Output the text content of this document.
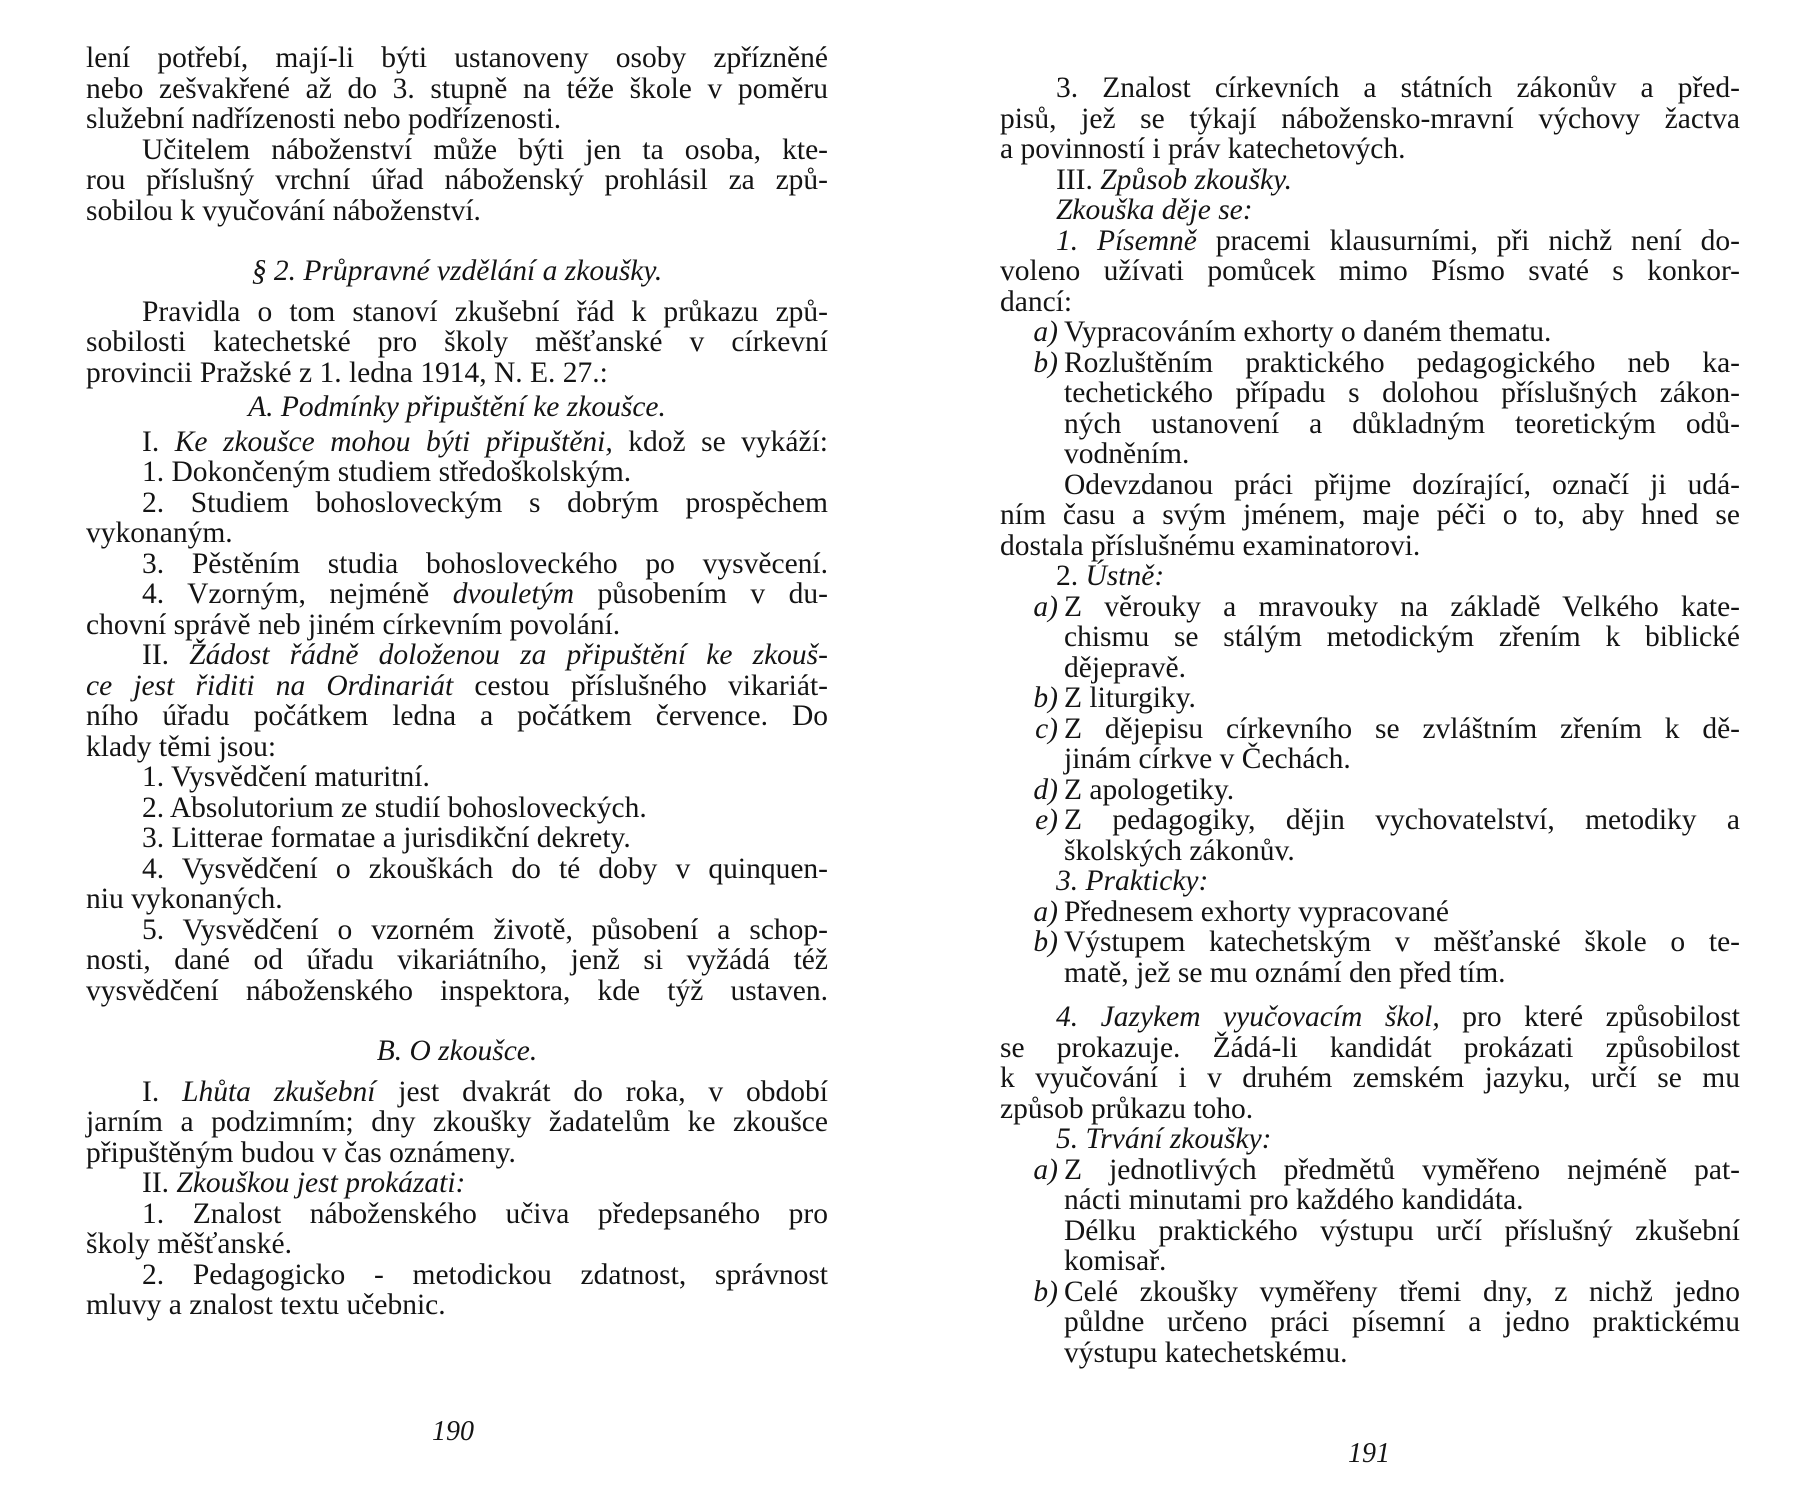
lení potřebí, mají-li býti ustanoveny osoby zpřízněné
nebo zešvakřené až do 3. stupně na téže škole v poměru
služební nadřízenosti nebo podřízenosti.
Učitelem náboženství může býti jen ta osoba, kte-
rou příslušný vrchní úřad náboženský prohlásil za způ-
sobilou k vyučování náboženství.
§ 2. Průpravné vzdělání a zkoušky.
Pravidla o tom stanoví zkušební řád k průkazu způ-
sobilosti katechetské pro školy měšťanské v církevní
provincii Pražské z 1. ledna 1914, N. E. 27.:
A. Podmínky připuštění ke zkoušce.
I. Ke zkoušce mohou býti připuštěni, kdož se vykáží:
1. Dokončeným studiem středoškolským.
2. Studiem bohosloveckým s dobrým prospěchem
vykonaným.
3. Pěstěním studia bohosloveckého po vysvěcení.
4. Vzorným, nejméně dvouletým působením v du-
chovní správě neb jiném církevním povolání.
II. Žádost řádně doloženou za připuštění ke zkouš-
ce jest řiditi na Ordinariát cestou příslušného vikariát-
ního úřadu počátkem ledna a počátkem července. Do
klady těmi jsou:
1. Vysvědčení maturitní.
2. Absolutorium ze studií bohosloveckých.
3. Litterae formatae a jurisdikční dekrety.
4. Vysvědčení o zkouškách do té doby v quinquen-
niu vykonaných.
5. Vysvědčení o vzorném životě, působení a schop-
nosti, dané od úřadu vikariátního, jenž si vyžádá též
vysvědčení náboženského inspektora, kde týž ustaven.
B. O zkoušce.
I. Lhůta zkušební jest dvakrát do roka, v období
jarním a podzimním; dny zkoušky žadatelům ke zkoušce
připuštěným budou v čas oznámeny.
II. Zkouškou jest prokázati:
1. Znalost náboženského učiva předepsaného pro
školy měšťanské.
2. Pedagogicko - metodickou zdatnost, správnost
mluvy a znalost textu učebnic.
190
3. Znalost církevních a státních zákonův a před-
pisů, jež se týkají nábožensko-mravní výchovy žactva
a povinností i práv katechetových.
III. Způsob zkoušky.
Zkouška děje se:
1. Písemně pracemi klausurními, při nichž není do-
voleno užívati pomůcek mimo Písmo svaté s konkor-
dancí:
a) Vypracováním exhorty o daném thematu.
b) Rozluštěním praktického pedagogického neb ka-
techetického případu s dolohou příslušných zákon-
ných ustanovení a důkladným teoretickým odů-
vodněním.
Odevzdanou práci přijme dozírající, označí ji udá-
ním času a svým jménem, maje péči o to, aby hned se
dostala příslušnému examinatorovi.
2. Ústně:
a) Z věrouky a mravouky na základě Velkého kate-
chismu se stálým metodickým zřením k biblické
dějepravě.
b) Z liturgiky.
c) Z dějepisu církevního se zvláštním zřením k dě-
jinám církve v Čechách.
d) Z apologetiky.
e) Z pedagogiky, dějin vychovatelství, metodiky a
školských zákonův.
3. Prakticky:
a) Přednesem exhorty vypracované
b) Výstupem katechetským v měšťanské škole o te-
matě, jež se mu oznámí den před tím.
4. Jazykem vyučovacím škol, pro které způsobilost
se prokazuje. Žádá-li kandidát prokázati způsobilost
k vyučování i v druhém zemském jazyku, určí se mu
způsob průkazu toho.
5. Trvání zkoušky:
a) Z jednotlivých předmětů vyměřeno nejméně pat-
nácti minutami pro každého kandidáta.
Délku praktického výstupu určí příslušný zkušební
komisař.
b) Celé zkoušky vyměřeny třemi dny, z nichž jedno
půldne určeno práci písemní a jedno praktickému
výstupu katechetskému.
191
